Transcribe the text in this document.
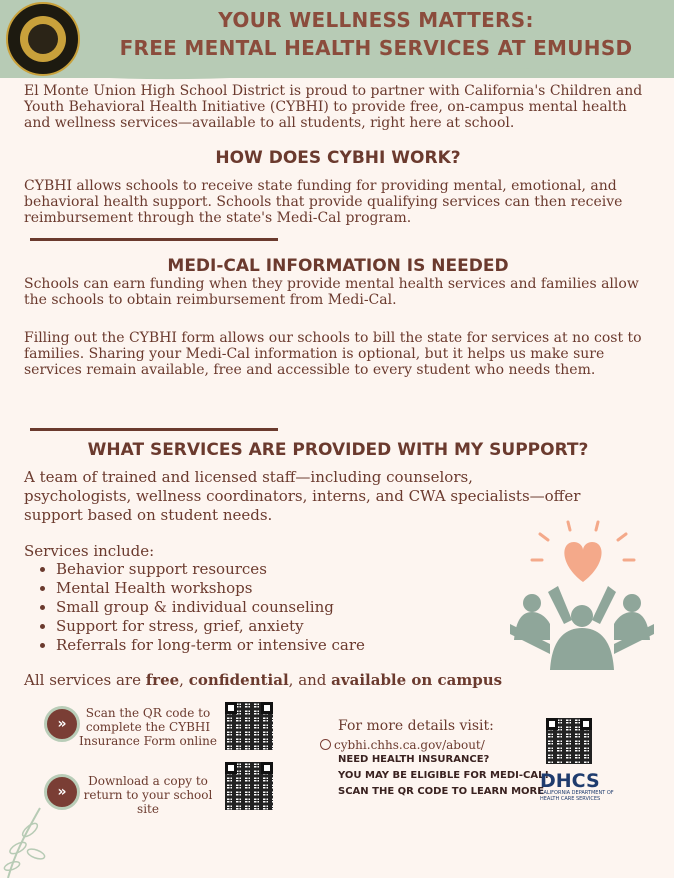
YOUR WELLNESS MATTERS:
FREE MENTAL HEALTH SERVICES AT EMUHSD
El Monte Union High School District is proud to partner with California's Children and Youth Behavioral Health Initiative (CYBHI) to provide free, on-campus mental health and wellness services—available to all students, right here at school.
HOW DOES CYBHI WORK?
CYBHI allows schools to receive state funding for providing mental, emotional, and behavioral health support. Schools that provide qualifying services can then receive reimbursement through the state's Medi-Cal program.
MEDI-CAL INFORMATION IS NEEDED
Schools can earn funding when they provide mental health services and families allow the schools to obtain reimbursement from Medi-Cal.
Filling out the CYBHI form allows our schools to bill the state for services at no cost to families. Sharing your Medi-Cal information is optional, but it helps us make sure services remain available, free and accessible to every student who needs them.
WHAT SERVICES ARE PROVIDED WITH MY SUPPORT?
A team of trained and licensed staff—including counselors, psychologists, wellness coordinators, interns, and CWA specialists—offer support based on student needs.
Services include:
• Behavior support resources
• Mental Health workshops
• Small group & individual counseling
• Support for stress, grief, anxiety
• Referrals for long-term or intensive care
All services are free, confidential, and available on campus
»
Scan the QR code to complete the CYBHI Insurance Form online
»
Download a copy to return to your school site
For more details visit:
cybhi.chhs.ca.gov/about/
NEED HEALTH INSURANCE?
YOU MAY BE ELIGIBLE FOR MEDI-CAL!
SCAN THE QR CODE TO LEARN MORE
DHCS
CALIFORNIA DEPARTMENT OF HEALTH CARE SERVICES
